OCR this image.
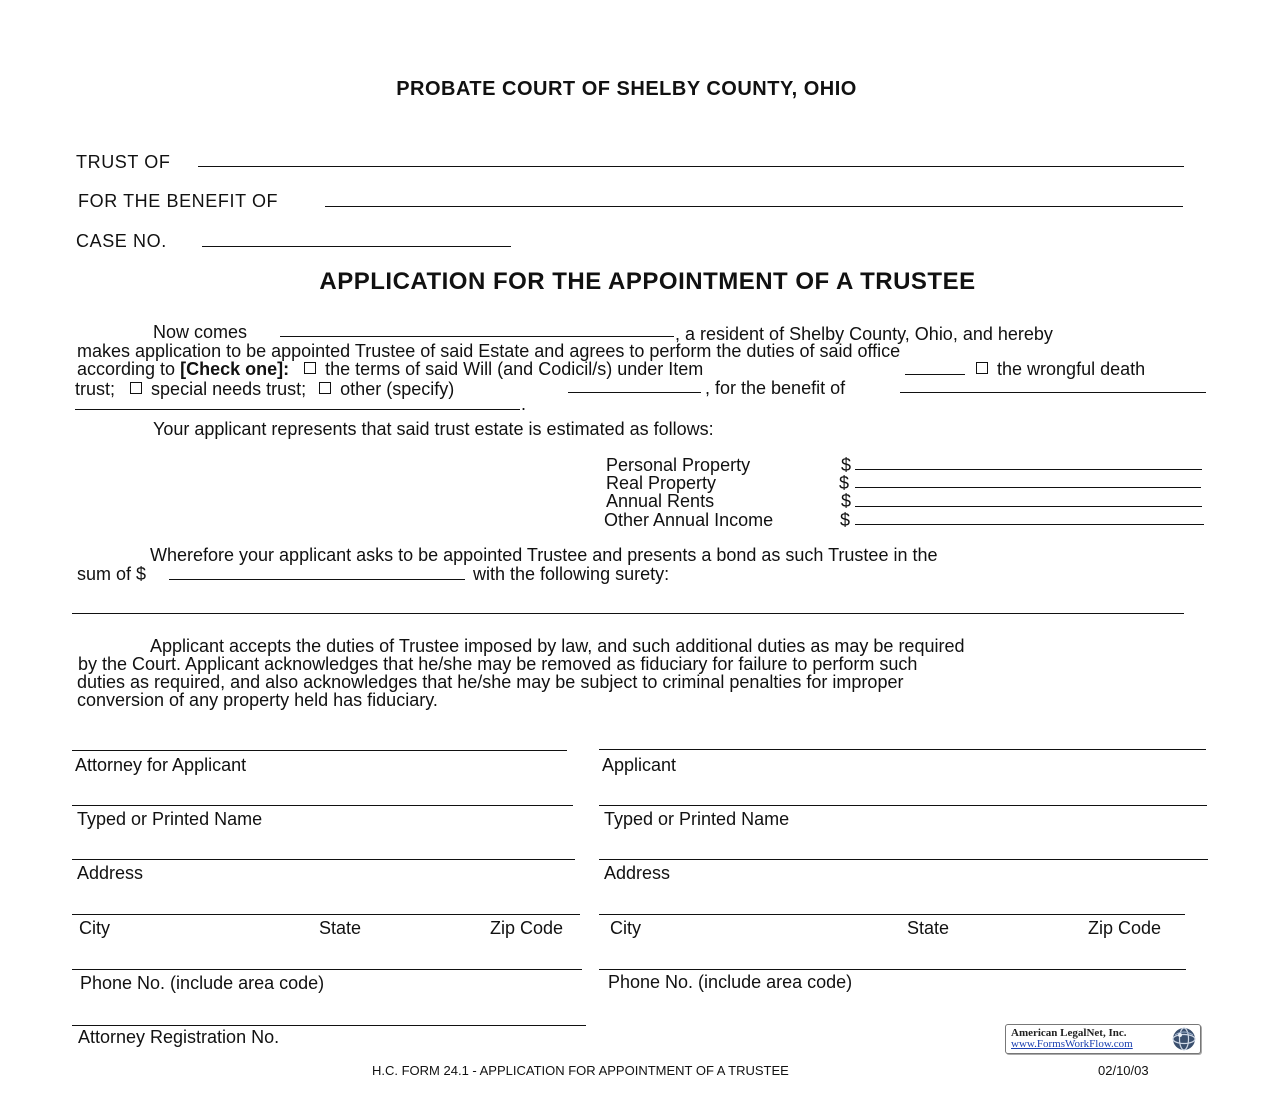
PROBATE COURT OF SHELBY COUNTY, OHIO
TRUST OF
FOR THE BENEFIT OF
CASE NO.
APPLICATION FOR THE APPOINTMENT OF A TRUSTEE
Now comes	, a resident of Shelby County, Ohio, and hereby
makes application to be appointed Trustee of said Estate and agrees to perform the duties of said office
according to [Check one]: the terms of said Will (and Codicil/s) under Item	the wrongful death
trust; special needs trust; other (specify)	, for the benefit of
.
Your applicant represents that said trust estate is estimated as follows:
Personal Property	$
Real Property	$
Annual Rents	$
Other Annual Income	$
Wherefore your applicant asks to be appointed Trustee and presents a bond as such Trustee in the
sum of $	with the following surety:
Applicant accepts the duties of Trustee imposed by law, and such additional duties as may be required
by the Court. Applicant acknowledges that he/she may be removed as fiduciary for failure to perform such
duties as required, and also acknowledges that he/she may be subject to criminal penalties for improper
conversion of any property held has fiduciary.
Attorney for Applicant
Typed or Printed Name
Address
City	State	Zip Code
Phone No. (include area code)
Attorney Registration No.
Applicant
Typed or Printed Name
Address
City	State	Zip Code
Phone No. (include area code)
American LegalNet, Inc.
www.FormsWorkFlow.com
H.C. FORM 24.1 - APPLICATION FOR APPOINTMENT OF A TRUSTEE	02/10/03
